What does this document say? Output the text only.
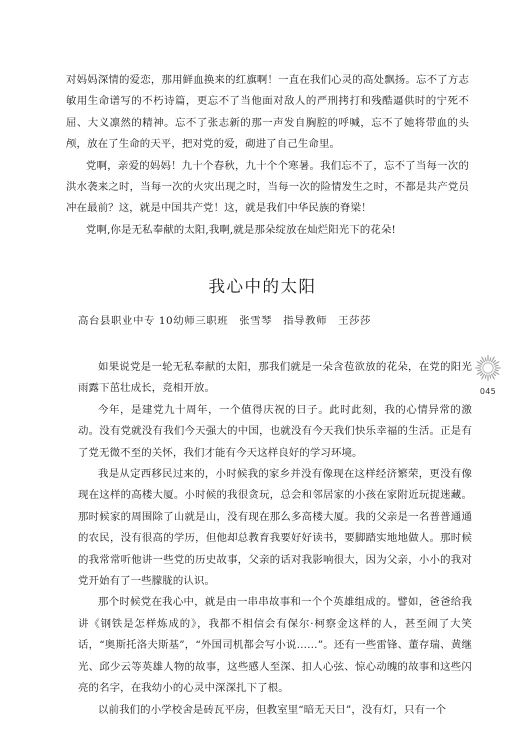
对妈妈深情的爱恋，那用鲜血换来的红旗啊！一直在我们心灵的高处飘扬。忘不了方志敏用生命谱写的不朽诗篇，更忘不了当他面对敌人的严刑拷打和残酷逼供时的宁死不屈、大义凛然的精神。忘不了张志新的那一声发自胸腔的呼喊，忘不了她将带血的头颅，放在了生命的天平，把对党的爱，砌进了自己生命里。

党啊，亲爱的妈妈！九十个春秋，九十个个寒暑。我们忘不了，忘不了当每一次的洪水袭来之时，当每一次的火灾出现之时，当每一次的险情发生之时，不都是共产党员冲在最前？这，就是中国共产党！这，就是我们中华民族的脊梁！

党啊,你是无私奉献的太阳,我啊,就是那朵绽放在灿烂阳光下的花朵!

我心中的太阳

高台县职业中专 10幼师三职班　张雪琴　指导教师　王莎莎

如果说党是一轮无私奉献的太阳，那我们就是一朵含苞欲放的花朵，在党的阳光雨露下茁壮成长，竞相开放。

今年，是建党九十周年，一个值得庆祝的日子。此时此刻，我的心情异常的激动。没有党就没有我们今天强大的中国，也就没有今天我们快乐幸福的生活。正是有了党无微不至的关怀，我们才能有今天这样良好的学习环境。

我是从定西移民过来的，小时候我的家乡并没有像现在这样经济繁荣，更没有像现在这样的高楼大厦。小时候的我很贪玩，总会和邻居家的小孩在家附近玩捉迷藏。那时候家的周围除了山就是山，没有现在那么多高楼大厦。我的父亲是一名普普通通的农民，没有很高的学历，但他却总教育我要好好读书，要脚踏实地地做人。那时候的我常常听他讲一些党的历史故事，父亲的话对我影响很大，因为父亲，小小的我对党开始有了一些朦胧的认识。

那个时候党在我心中，就是由一串串故事和一个个英雄组成的。譬如，爸爸给我讲《钢铁是怎样炼成的》，我都不相信会有保尔·柯察金这样的人，甚至闹了大笑话，“奥斯托洛夫斯基”，“外国司机都会写小说……”。还有一些雷锋、董存瑞、黄继光、邱少云等英雄人物的故事，这些感人至深、扣人心弦、惊心动魄的故事和这些闪亮的名字，在我幼小的心灵中深深扎下了根。

以前我们的小学校舍是砖瓦平房，但教室里“暗无天日”，没有灯，只有一个

045
